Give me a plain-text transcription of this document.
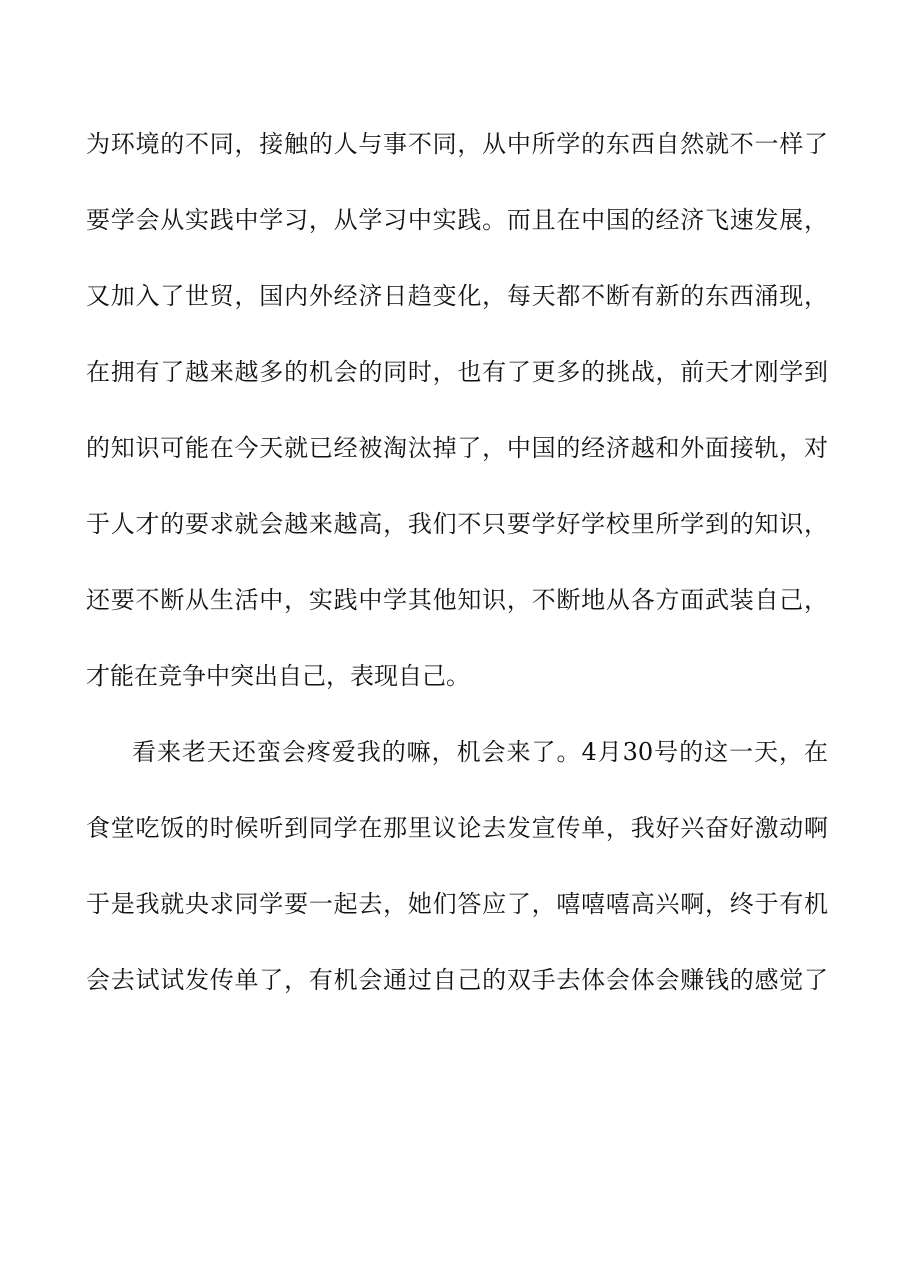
为环境的不同，接触的人与事不同，从中所学的东西自然就不一样了
要学会从实践中学习，从学习中实践。而且在中国的经济飞速发展，
又加入了世贸，国内外经济日趋变化，每天都不断有新的东西涌现，
在拥有了越来越多的机会的同时，也有了更多的挑战，前天才刚学到
的知识可能在今天就已经被淘汰掉了，中国的经济越和外面接轨，对
于人才的要求就会越来越高，我们不只要学好学校里所学到的知识，
还要不断从生活中，实践中学其他知识，不断地从各方面武装自己，
才能在竞争中突出自己，表现自己。
看来老天还蛮会疼爱我的嘛，机会来了。4月30号的这一天，在
食堂吃饭的时候听到同学在那里议论去发宣传单，我好兴奋好激动啊
于是我就央求同学要一起去，她们答应了，嘻嘻嘻高兴啊，终于有机
会去试试发传单了，有机会通过自己的双手去体会体会赚钱的感觉了
